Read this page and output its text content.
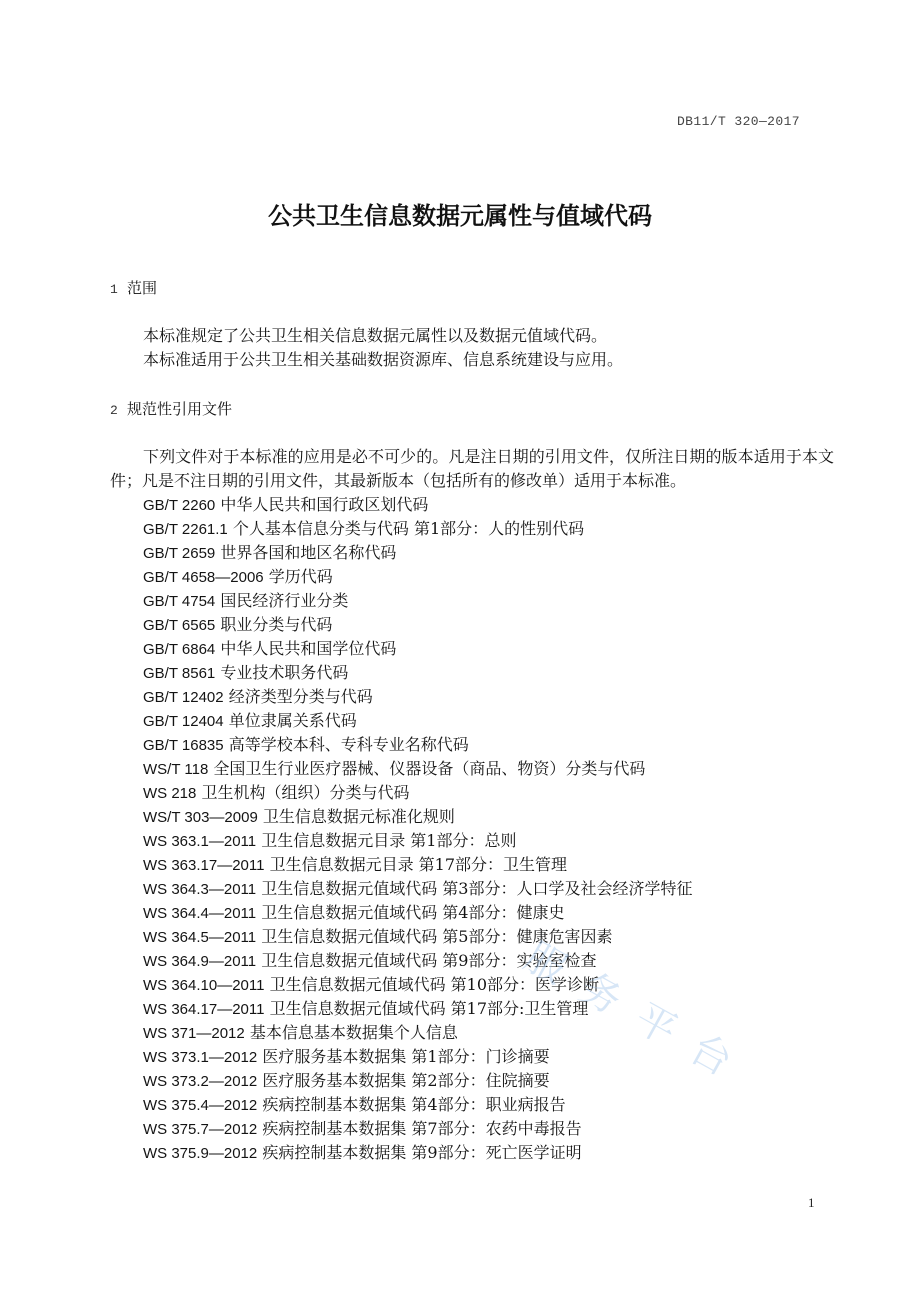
DB11/T 320—2017
公共卫生信息数据元属性与值域代码
1 范围

本标准规定了公共卫生相关信息数据元属性以及数据元值域代码。

本标准适用于公共卫生相关基础数据资源库、信息系统建设与应用。

2 规范性引用文件

下列文件对于本标准的应用是必不可少的。凡是注日期的引用文件，仅所注日期的版本适用于本文件；凡是不注日期的引用文件，其最新版本（包括所有的修改单）适用于本标准。

GB/T 2260 中华人民共和国行政区划代码
GB/T 2261.1 个人基本信息分类与代码 第1部分：人的性别代码
GB/T 2659 世界各国和地区名称代码
GB/T 4658—2006 学历代码
GB/T 4754 国民经济行业分类
GB/T 6565 职业分类与代码
GB/T 6864 中华人民共和国学位代码
GB/T 8561 专业技术职务代码
GB/T 12402 经济类型分类与代码
GB/T 12404 单位隶属关系代码
GB/T 16835 高等学校本科、专科专业名称代码
WS/T 118 全国卫生行业医疗器械、仪器设备（商品、物资）分类与代码
WS 218 卫生机构（组织）分类与代码
WS/T 303—2009 卫生信息数据元标准化规则
WS 363.1—2011 卫生信息数据元目录 第1部分：总则
WS 363.17—2011 卫生信息数据元目录 第17部分：卫生管理
WS 364.3—2011 卫生信息数据元值域代码 第3部分：人口学及社会经济学特征
WS 364.4—2011 卫生信息数据元值域代码 第4部分：健康史
WS 364.5—2011 卫生信息数据元值域代码 第5部分：健康危害因素
WS 364.9—2011 卫生信息数据元值域代码 第9部分：实验室检查
WS 364.10—2011 卫生信息数据元值域代码 第10部分：医学诊断
WS 364.17—2011 卫生信息数据元值域代码 第17部分:卫生管理
WS 371—2012 基本信息基本数据集个人信息
WS 373.1—2012 医疗服务基本数据集 第1部分：门诊摘要
WS 373.2—2012 医疗服务基本数据集 第2部分：住院摘要
WS 375.4—2012 疾病控制基本数据集 第4部分：职业病报告
WS 375.7—2012 疾病控制基本数据集 第7部分：农药中毒报告
WS 375.9—2012 疾病控制基本数据集 第9部分：死亡医学证明
服务平台
1
